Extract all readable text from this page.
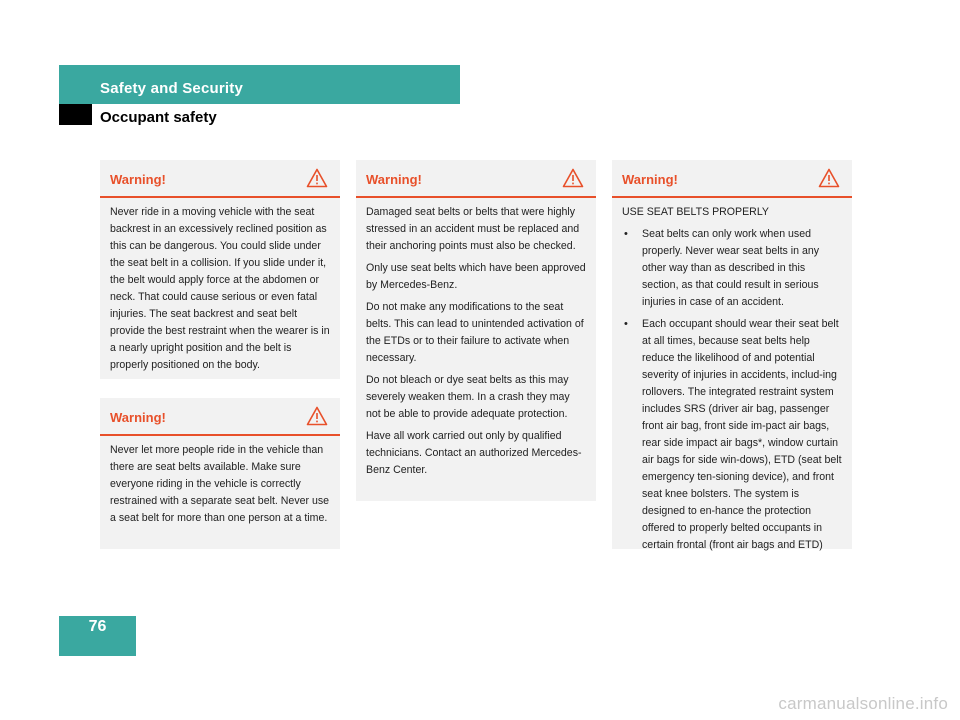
Safety and Security
Occupant safety
Warning!

Never ride in a moving vehicle with the seat backrest in an excessively reclined position as this can be dangerous. You could slide under the seat belt in a collision. If you slide under it, the belt would apply force at the abdomen or neck. That could cause serious or even fatal injuries. The seat backrest and seat belt provide the best restraint when the wearer is in a nearly upright position and the belt is properly positioned on the body.

Warning!

Never let more people ride in the vehicle than there are seat belts available. Make sure everyone riding in the vehicle is correctly restrained with a separate seat belt. Never use a seat belt for more than one person at a time.

Warning!

Damaged seat belts or belts that were highly stressed in an accident must be replaced and their anchoring points must also be checked.

Only use seat belts which have been approved by Mercedes-Benz.

Do not make any modifications to the seat belts. This can lead to unintended activation of the ETDs or to their failure to activate when necessary.

Do not bleach or dye seat belts as this may severely weaken them. In a crash they may not be able to provide adequate protection.

Have all work carried out only by qualified technicians. Contact an authorized Mercedes-Benz Center.

Warning!

USE SEAT BELTS PROPERLY

• Seat belts can only work when used properly. Never wear seat belts in any other way than as described in this section, as that could result in serious injuries in case of an accident.
• Each occupant should wear their seat belt at all times, because seat belts help reduce the likelihood of and potential severity of injuries in accidents, includ-ing rollovers. The integrated restraint system includes SRS (driver air bag, passenger front air bag, front side im-pact air bags, rear side impact air bags*, window curtain air bags for side win-dows), ETD (seat belt emergency ten-sioning device), and front seat knee bolsters. The system is designed to en-hance the protection offered to properly belted occupants in certain frontal (front air bags and ETD)
76
carmanualsonline.info
